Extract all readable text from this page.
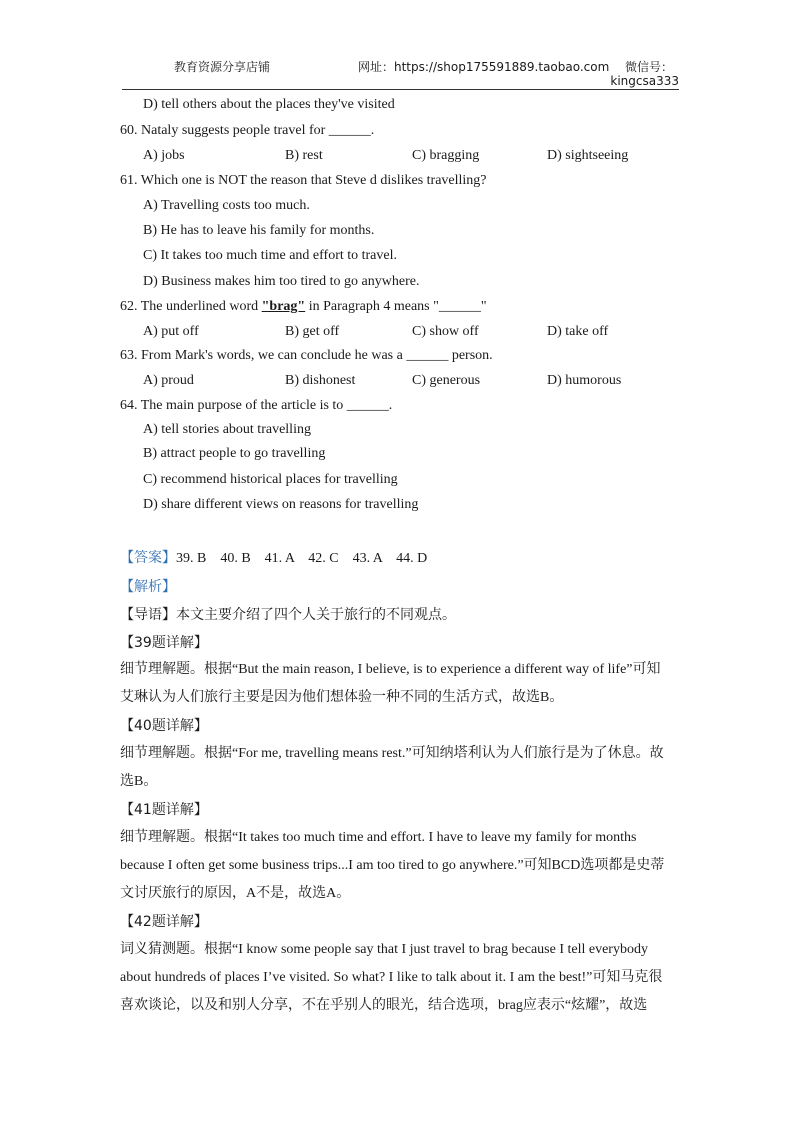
教育资源分享店铺	网址：https://shop175591889.taobao.com 微信号：
kingcsa333
D) tell others about the places they've visited
60. Nataly suggests people travel for ______.
A) jobs	B) rest	C) bragging	D) sightseeing
61. Which one is NOT the reason that Steve d dislikes travelling?
A) Travelling costs too much.
B) He has to leave his family for months.
C) It takes too much time and effort to travel.
D) Business makes him too tired to go anywhere.
62. The underlined word "brag" in Paragraph 4 means "______"
A) put off	B) get off	C) show off	D) take off
63. From Mark's words, we can conclude he was a ______ person.
A) proud	B) dishonest	C) generous	D) humorous
64. The main purpose of the article is to ______.
A) tell stories about travelling
B) attract people to go travelling
C) recommend historical places for travelling
D) share different views on reasons for travelling
【答案】39. B    40. B    41. A    42. C    43. A    44. D
【解析】
【导语】本文主要介绍了四个人关于旅行的不同观点。
【39题详解】
细节理解题。根据“But the main reason, I believe, is to experience a different way of life”可知
艾琳认为人们旅行主要是因为他们想体验一种不同的生活方式，故选B。
【40题详解】
细节理解题。根据“For me, travelling means rest.”可知纳塔利认为人们旅行是为了休息。故
选B。
【41题详解】
细节理解题。根据“It takes too much time and effort. I have to leave my family for months
because I often get some business trips...I am too tired to go anywhere.”可知BCD选项都是史蒂
文讨厌旅行的原因，A不是，故选A。
【42题详解】
词义猜测题。根据“I know some people say that I just travel to brag because I tell everybody
about hundreds of places I’ve visited. So what? I like to talk about it. I am the best!”可知马克很
喜欢谈论，以及和别人分享，不在乎别人的眼光，结合选项，brag应表示“炫耀”，故选
